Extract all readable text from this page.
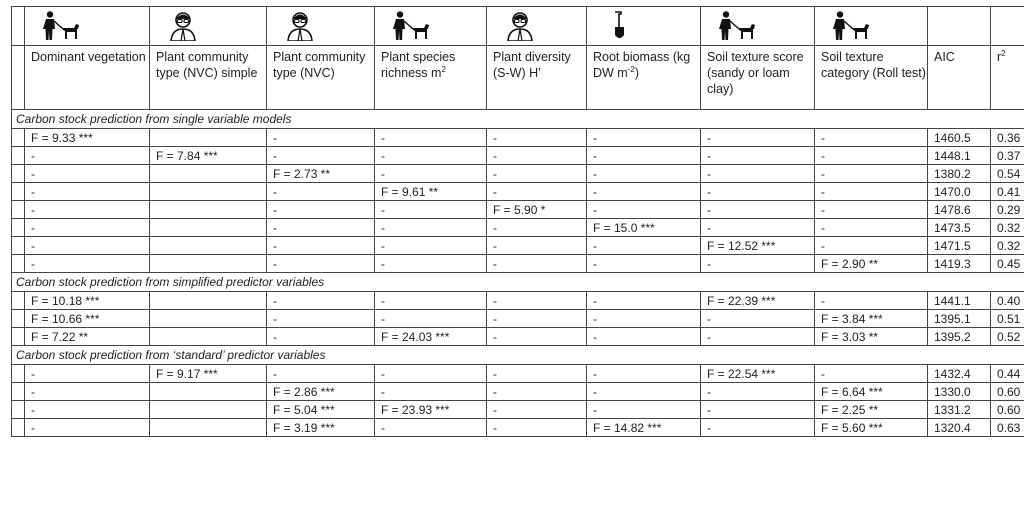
	Dominant vegetation	Plant community type (NVC) simple	Plant community type (NVC)	Plant species richness $m^2$	Plant diversity (S-W) H’	Root biomass (kg DW $m^{-2}$)	Soil texture score (sandy or loam clay)	Soil texture category (Roll test)	AIC	$r^2$
Carbon stock prediction from single variable models										
	F = 9.33 ***		-	-	-	-	-	-	1460.5	0.36
	-	F = 7.84 ***	-	-	-	-	-	-	1448.1	0.37
	-		F = 2.73 **	-	-	-	-	-	1380.2	0.54
	-		-	F = 9.61 **	-	-	-	-	1470.0	0.41
	-		-	-	F = 5.90 *	-	-	-	1478.6	0.29
	-		-	-	-	F = 15.0 ***	-	-	1473.5	0.32
	-		-	-	-	-	F = 12.52 ***	-	1471.5	0.32
	-		-	-	-	-	-	F = 2.90 **	1419.3	0.45
Carbon stock prediction from simplified predictor variables										
	F = 10.18 ***		-	-	-	-	F = 22.39 ***	-	1441.1	0.40
	F = 10.66 ***		-	-	-	-	-	F = 3.84 ***	1395.1	0.51
	F = 7.22 **		-	F = 24.03 ***	-	-	-	F = 3.03 **	1395.2	0.52
Carbon stock prediction from ‘standard’ predictor variables										
	-	F = 9.17 ***	-	-	-	-	F = 22.54 ***	-	1432.4	0.44
	-		F = 2.86 ***	-	-	-	-	F = 6.64 ***	1330.0	0.60
	-		F = 5.04 ***	F = 23.93 ***	-	-	-	F = 2.25 **	1331.2	0.60
	-		F = 3.19 ***	-	-	F = 14.82 ***	-	F = 5.60 ***	1320.4	0.63
